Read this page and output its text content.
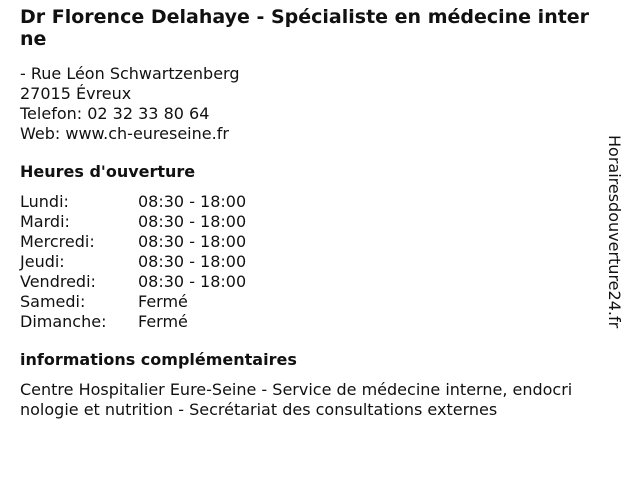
Dr Florence Delahaye - Spécialiste en médecine interne
- Rue Léon Schwartzenberg
27015 Évreux
Telefon: 02 32 33 80 64
Web: www.ch-eureseine.fr
Heures d'ouverture
Lundi:	08:30 - 18:00
Mardi:	08:30 - 18:00
Mercredi:	08:30 - 18:00
Jeudi:	08:30 - 18:00
Vendredi:	08:30 - 18:00
Samedi:	Fermé
Dimanche:	Fermé
informations complémentaires
Centre Hospitalier Eure-Seine - Service de médecine interne, endocrinologie et nutrition - Secrétariat des consultations externes
Horairesdouverture24.fr
